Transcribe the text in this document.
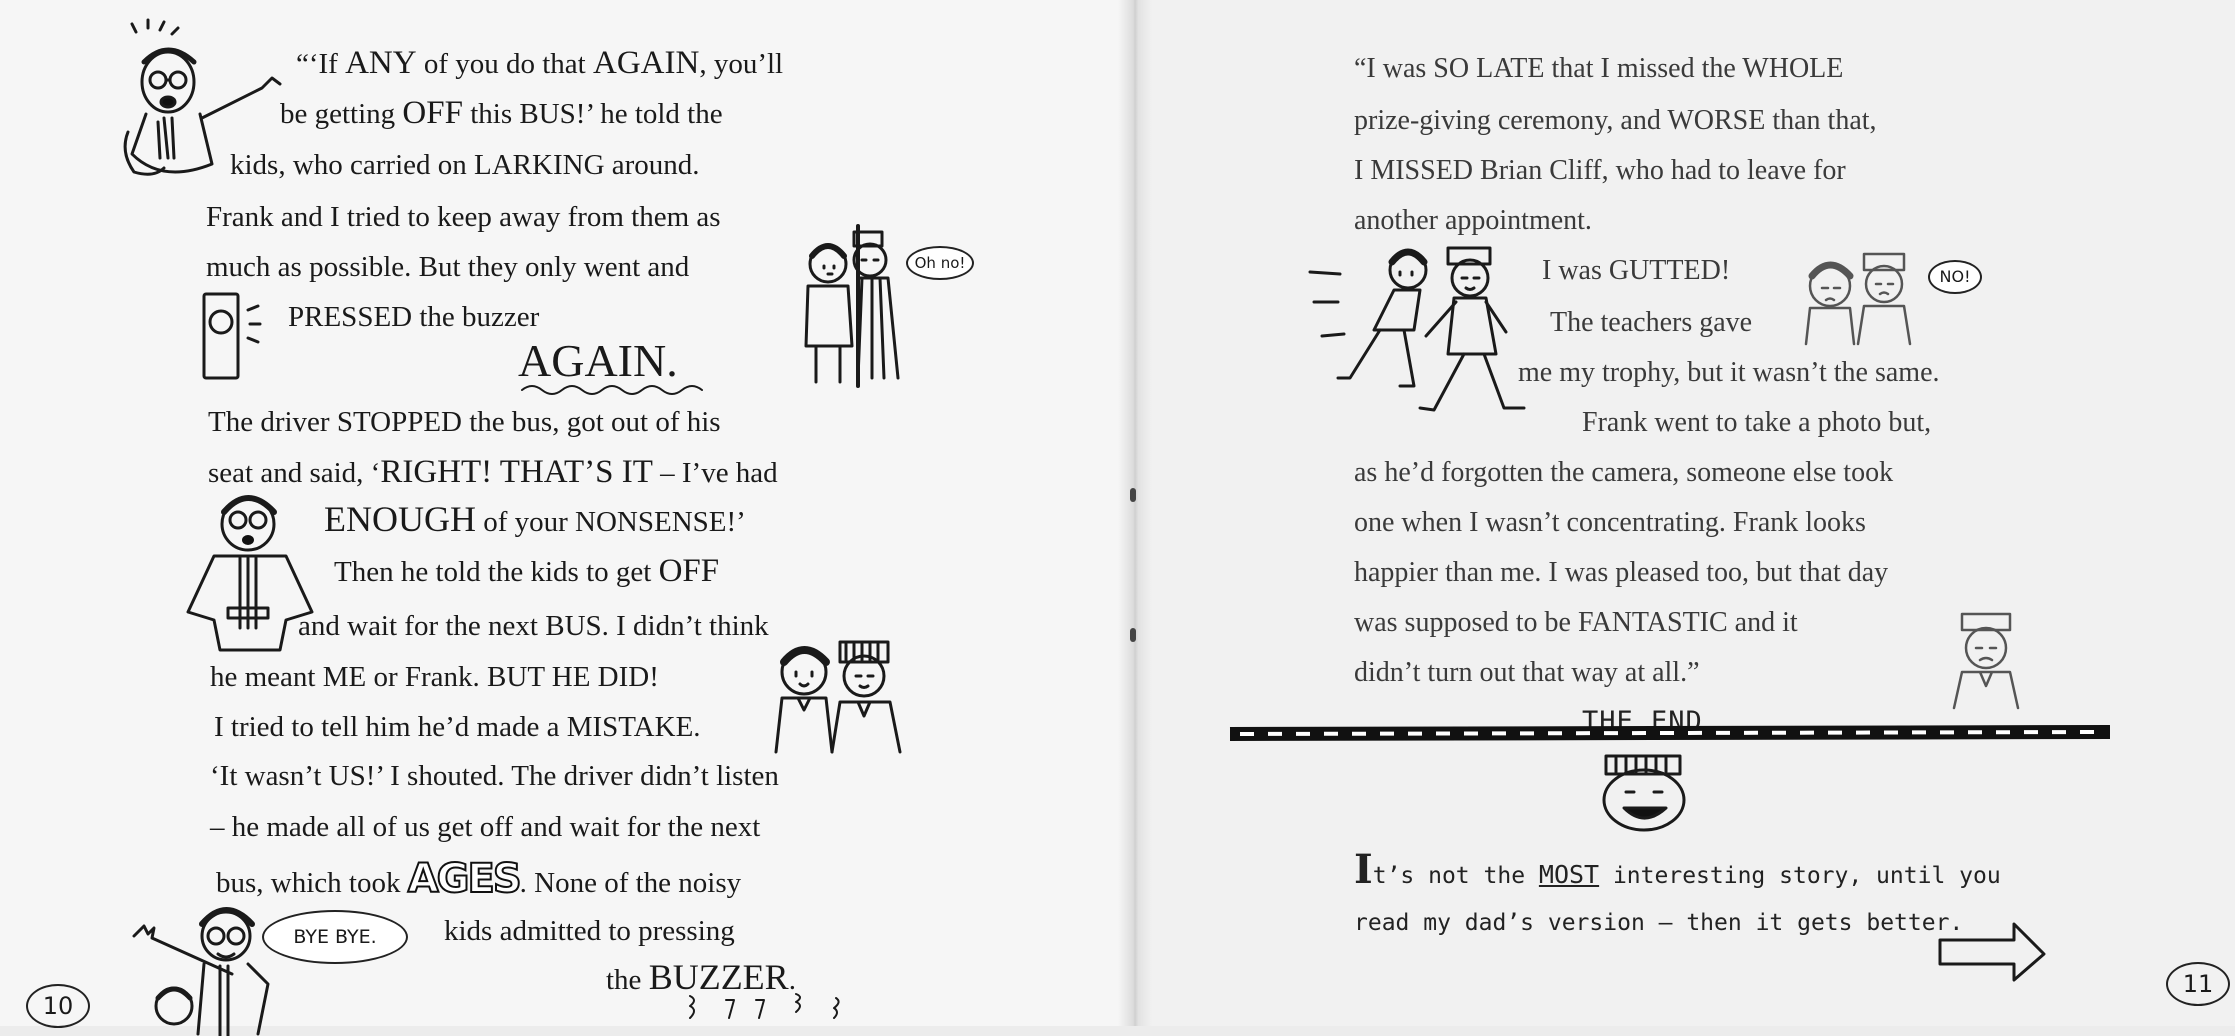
“‘If ANY of you do that AGAIN, you’ll
be getting OFF this BUS!’ he told the
kids, who carried on LARKING around.
Frank and I tried to keep away from them as
much as possible. But they only went and
PRESSED the buzzer
AGAIN.
The driver STOPPED the bus, got out of his
seat and said, ‘RIGHT! THAT’S IT – I’ve had
ENOUGH of your NONSENSE!’
Then he told the kids to get OFF
and wait for the next BUS. I didn’t think
he meant ME or Frank. BUT HE DID!
I tried to tell him he’d made a MISTAKE.
‘It wasn’t US!’ I shouted. The driver didn’t listen
– he made all of us get off and wait for the next
bus, which took AGES. None of the noisy
kids admitted to pressing
the BUZZER.
Oh no!
BYE BYE.
10
“I was SO LATE that I missed the WHOLE
prize-giving ceremony, and WORSE than that,
I MISSED Brian Cliff, who had to leave for
another appointment.
I was GUTTED!
The teachers gave
me my trophy, but it wasn’t the same.
Frank went to take a photo but,
as he’d forgotten the camera, someone else took
one when I wasn’t concentrating. Frank looks
happier than me. I was pleased too, but that day
was supposed to be FANTASTIC and it
didn’t turn out that way at all.”
NO!
THE END
It’s not the MOST interesting story, until you
read my dad’s version – then it gets better.
11
